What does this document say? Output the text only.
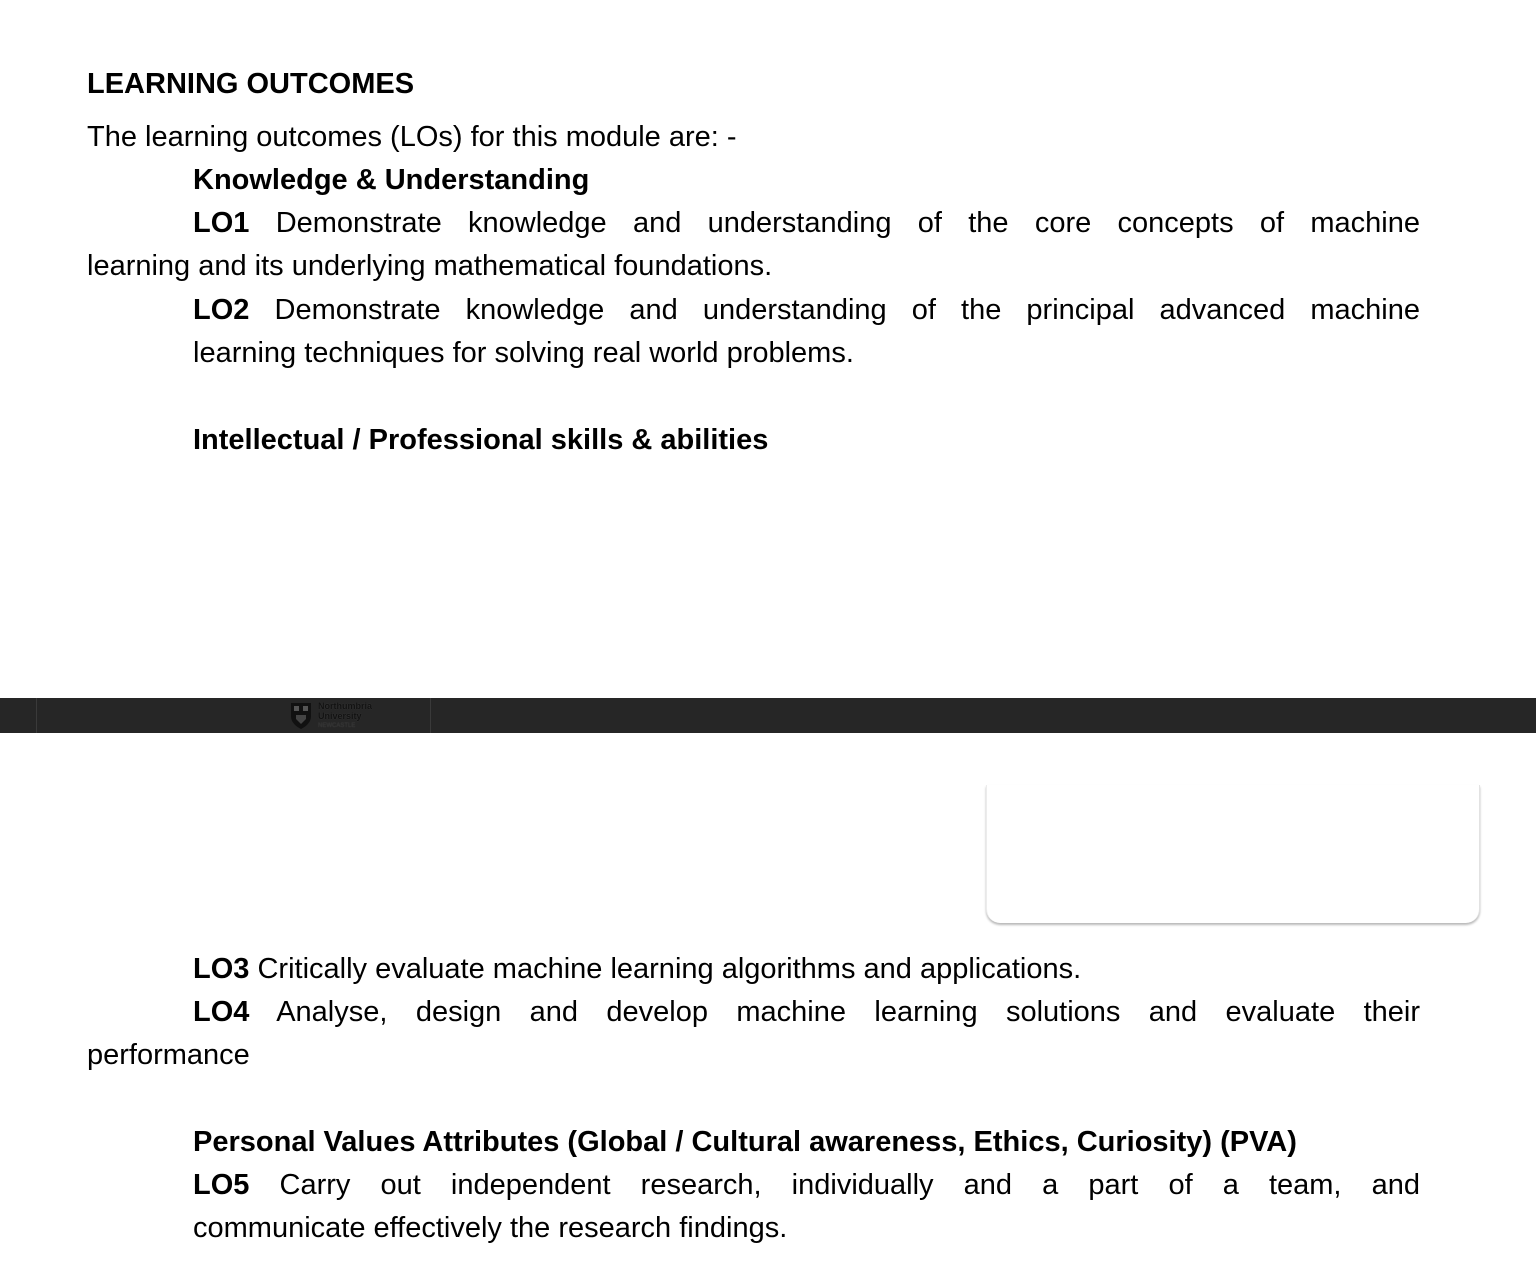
LEARNING OUTCOMES
The learning outcomes (LOs) for this module are: -
Knowledge & Understanding
LO1 Demonstrate knowledge and understanding of the core concepts of machine
learning and its underlying mathematical foundations.
LO2 Demonstrate knowledge and understanding of the principal advanced machine
learning techniques for solving real world problems.
Intellectual / Professional skills & abilities
Northumbria
University
NEWCASTLE
LO3 Critically evaluate machine learning algorithms and applications.
LO4 Analyse, design and develop machine learning solutions and evaluate their
performance
Personal Values Attributes (Global / Cultural awareness, Ethics, Curiosity) (PVA)
LO5 Carry out independent research, individually and a part of a team, and
communicate effectively the research findings.
